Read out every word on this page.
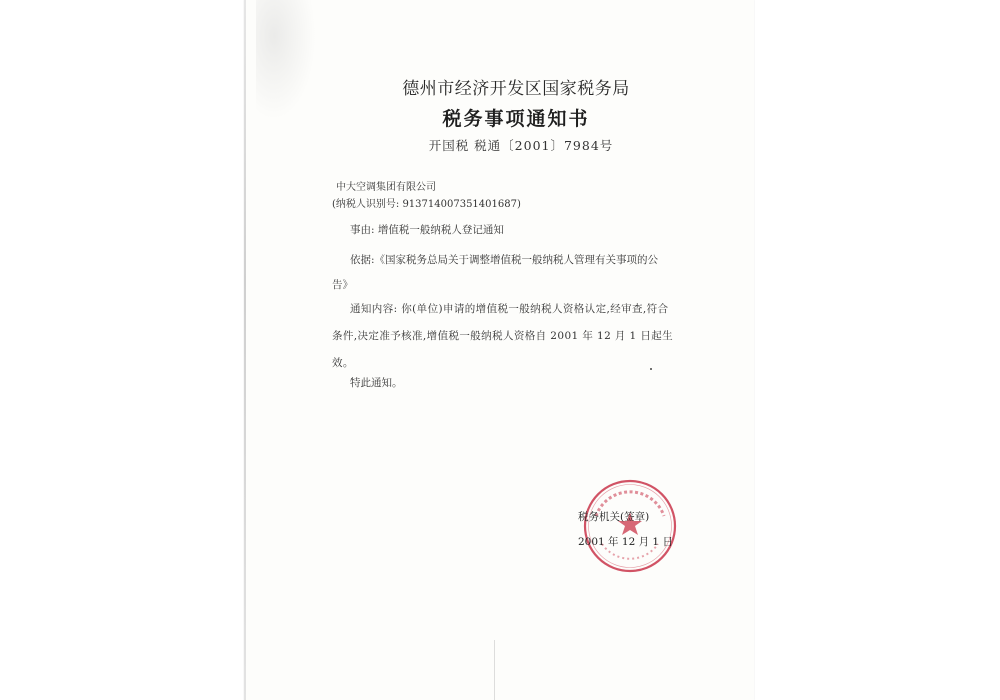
德州市经济开发区国家税务局
税务事项通知书
开国税 税通〔2001〕7984号
中大空调集团有限公司
(纳税人识别号: 913714007351401687)
事由: 增值税一般纳税人登记通知
依据:《国家税务总局关于调整增值税一般纳税人管理有关事项的公告》
通知内容: 你(单位)申请的增值税一般纳税人资格认定,经审查,符合条件,决定准予核准,增值税一般纳税人资格自 2001 年 12 月 1 日起生效。
特此通知。
税务机关(签章)
2001 年 12 月 1 日
